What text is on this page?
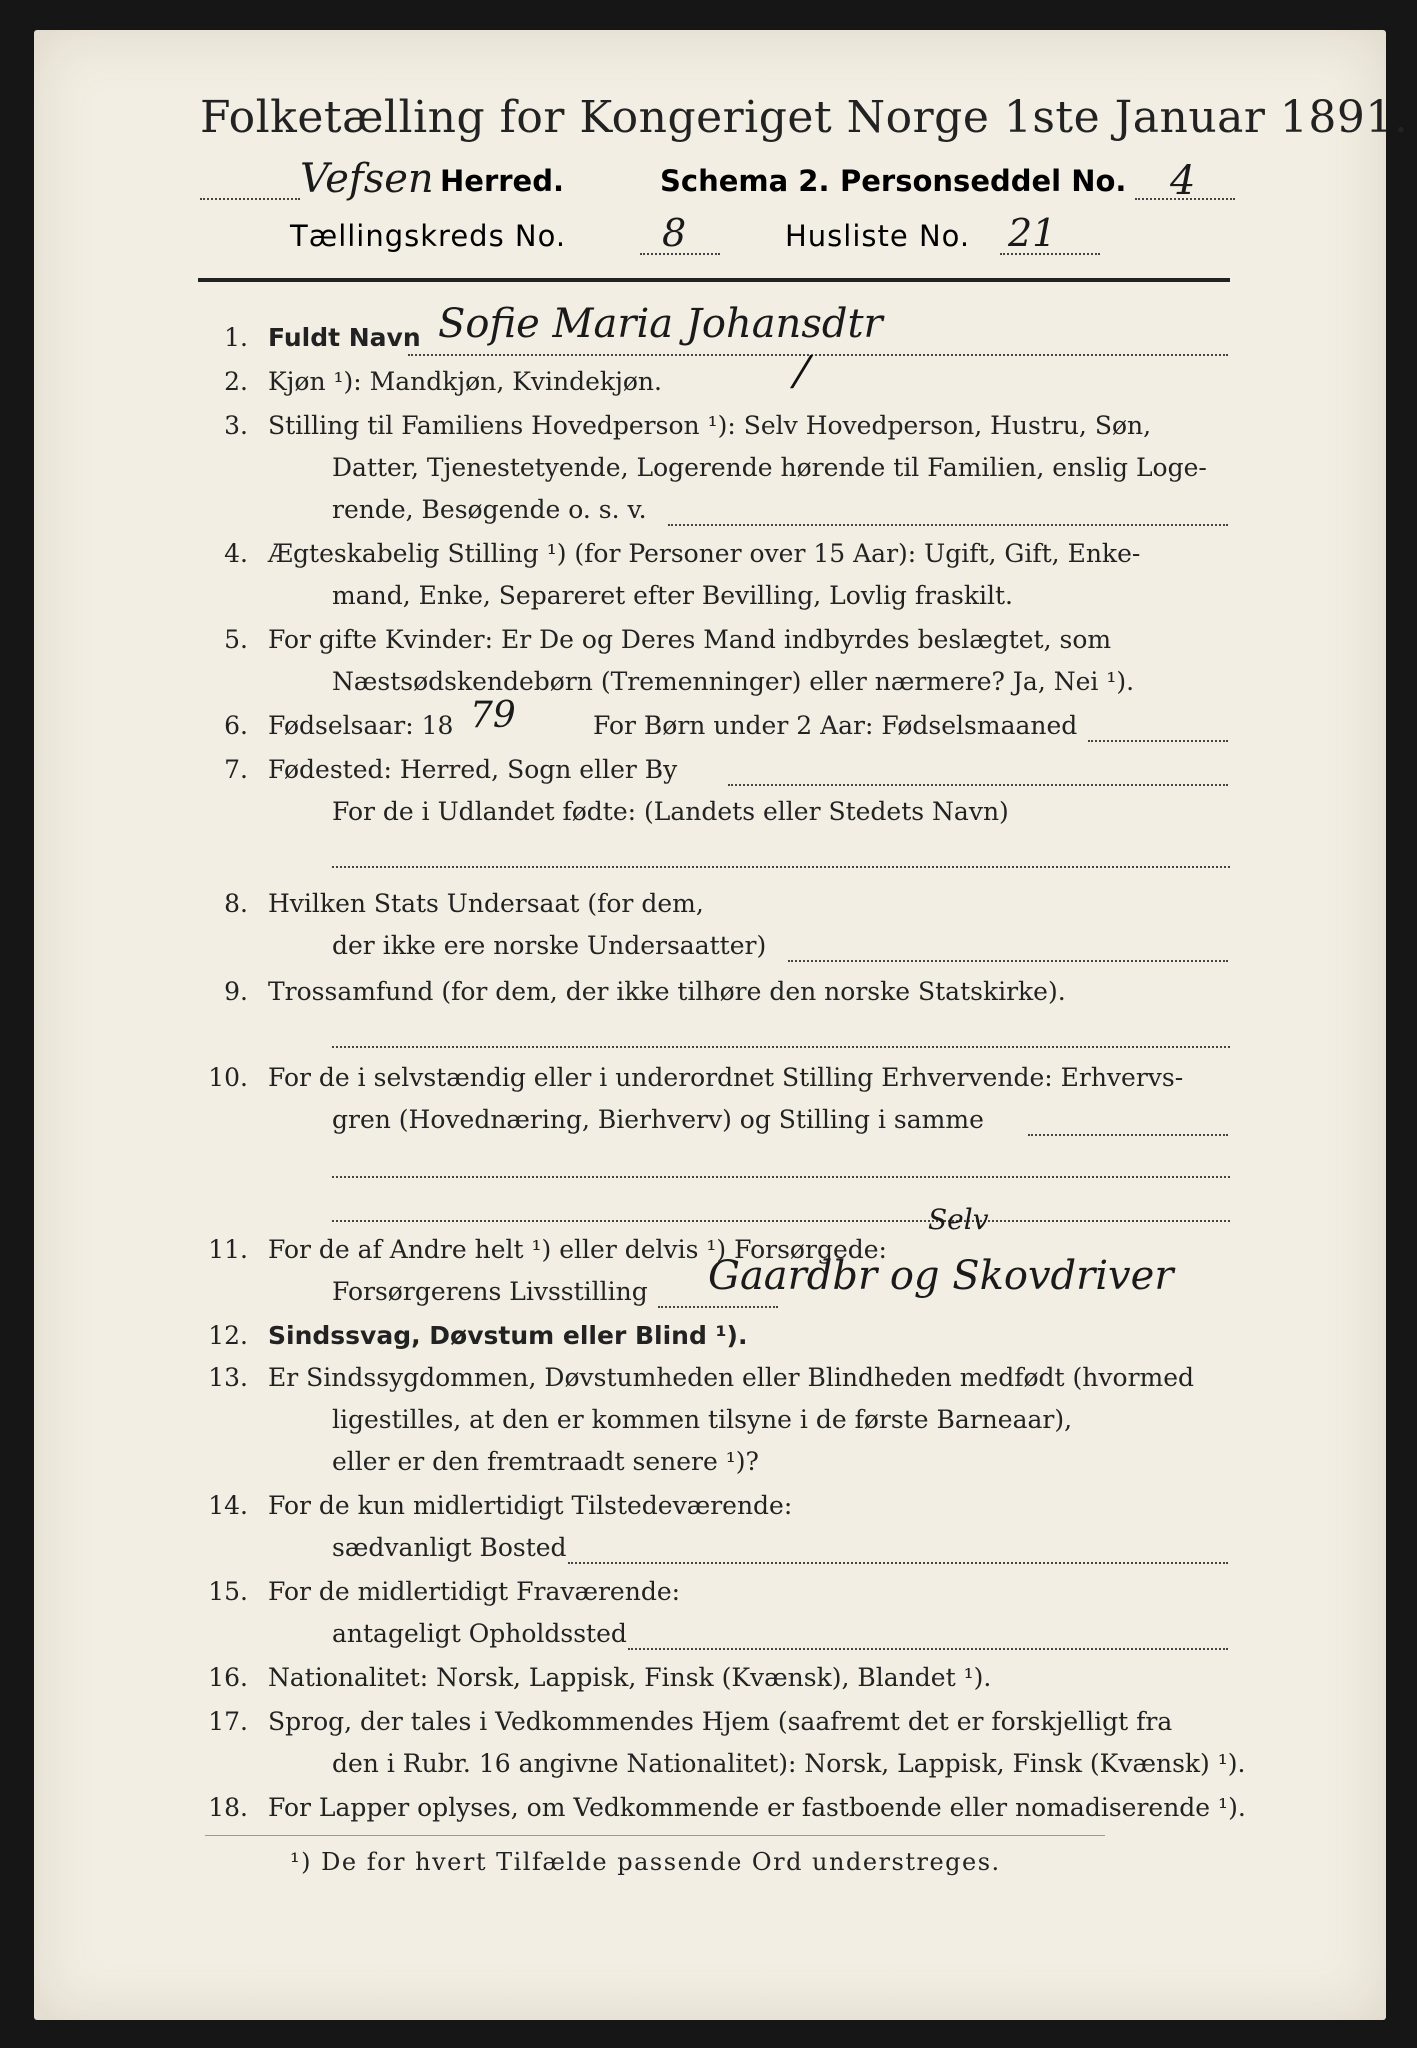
Folketælling for Kongeriget Norge 1ste Januar 1891.
Vefsen Herred.	Schema 2. Personseddel No. 4
Tællingskreds No.	8	Husliste No. 21
1. Fuldt Navn Sofie Maria Johansdtr
2. Kjøn ¹): Mandkjøn, Kvindekjøn.	⁄
3. Stilling til Familiens Hovedperson ¹): Selv Hovedperson, Hustru, Søn,
Datter, Tjenestetyende, Logerende hørende til Familien, enslig Loge-
rende, Besøgende o. s. v.
4. Ægteskabelig Stilling ¹) (for Personer over 15 Aar): Ugift, Gift, Enke-
mand, Enke, Separeret efter Bevilling, Lovlig fraskilt.
5. For gifte Kvinder: Er De og Deres Mand indbyrdes beslægtet, som
Næstsødskendebørn (Tremenninger) eller nærmere? Ja, Nei ¹).
6. Fødselsaar: 18 79	For Børn under 2 Aar: Fødselsmaaned
7. Fødested: Herred, Sogn eller By
For de i Udlandet fødte: (Landets eller Stedets Navn)
8. Hvilken Stats Undersaat (for dem,
der ikke ere norske Undersaatter)
9. Trossamfund (for dem, der ikke tilhøre den norske Statskirke).
10. For de i selvstændig eller i underordnet Stilling Erhvervende: Erhvervs-
gren (Hovednæring, Bierhverv) og Stilling i samme
11. For de af Andre helt ¹) eller delvis ¹) Forsørgede:
Selv
Forsørgerens Livsstilling Gaardbr og Skovdriver
12. Sindssvag, Døvstum eller Blind ¹).
13. Er Sindssygdommen, Døvstumheden eller Blindheden medfødt (hvormed
ligestilles, at den er kommen tilsyne i de første Barneaar),
eller er den fremtraadt senere ¹)?
14. For de kun midlertidigt Tilstedeværende:
sædvanligt Bosted
15. For de midlertidigt Fraværende:
antageligt Opholdssted
16. Nationalitet: Norsk, Lappisk, Finsk (Kvænsk), Blandet ¹).
17. Sprog, der tales i Vedkommendes Hjem (saafremt det er forskjelligt fra
den i Rubr. 16 angivne Nationalitet): Norsk, Lappisk, Finsk (Kvænsk) ¹).
18. For Lapper oplyses, om Vedkommende er fastboende eller nomadiserende ¹).
¹) De for hvert Tilfælde passende Ord understreges.
